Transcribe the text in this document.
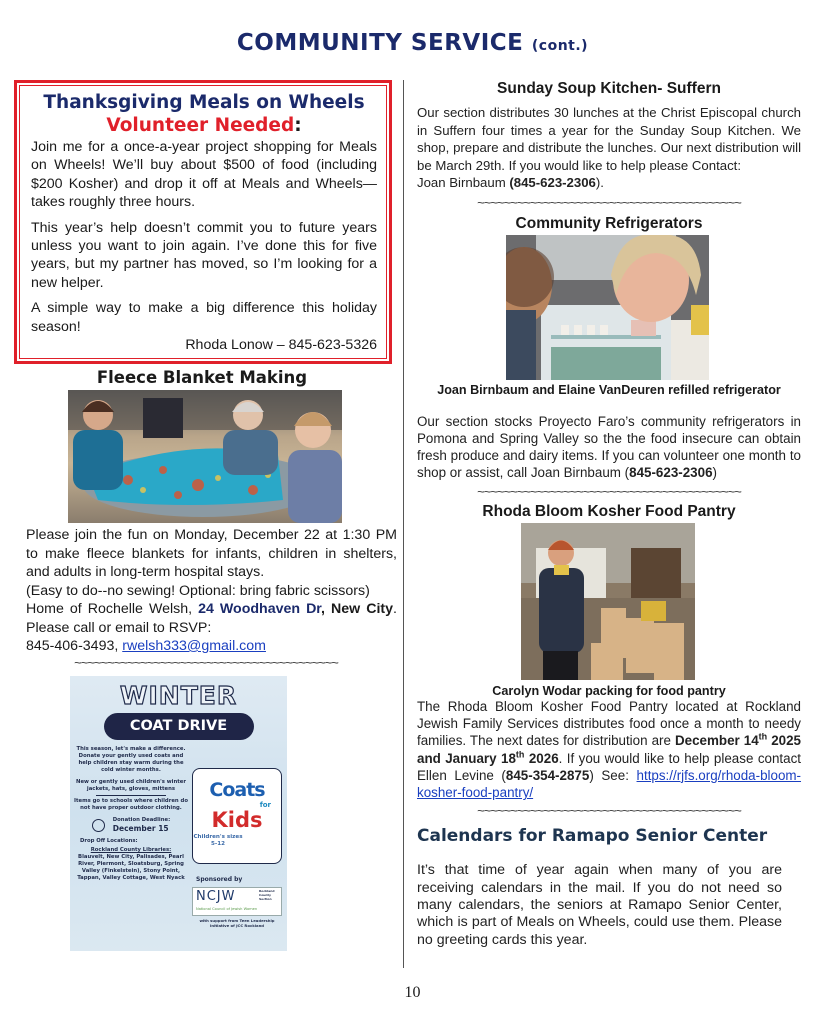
COMMUNITY SERVICE (cont.)
Thanksgiving Meals on Wheels
Volunteer Needed:

Join me for a once-a-year project shopping for Meals on Wheels! We’ll buy about $500 of food (including $200 Kosher) and drop it off at Meals and Wheels—takes roughly three hours.

This year’s help doesn’t commit you to future years unless you want to join again. I’ve done this for five years, but my partner has moved, so I’m looking for a new helper.

A simple way to make a big difference this holiday season!

Rhoda Lonow – 845-623-5326
Fleece Blanket Making

Please join the fun on Monday, December 22 at 1:30 PM to make fleece blankets for infants, children in shelters, and adults in long-term hospital stays.

(Easy to do--no sewing! Optional: bring fabric scissors)

Home of Rochelle Welsh, 24 Woodhaven Dr, New City. Please call or email to RSVP:

845-406-3493, rwelsh333@gmail.com

~~~~~~~~~~~~~~~~~~~~~~~~~~~~~~~~~~~~~~~~
WINTER
COAT DRIVE
This season, let's make a difference. Donate your gently used coats and help children stay warm during the cold winter months.
New or gently used children's winter jackets, hats, gloves, mittens
Items go to schools where children do not have proper outdoor clothing.
Donation Deadline:
December 15
Drop Off Locations:
Rockland County Libraries:
Blauvelt, New City, Palisades, Pearl River, Piermont, Sloatsburg, Spring Valley (Finkelstein), Stony Point, Tappan, Valley Cottage, West Nyack
Coats
for
Kids
Children's sizes 5-12
Sponsored by
NCJW	Rockland County Section
National Council of Jewish Women
with support from Teen Leadership Initiative of JCC Rockland
Sunday Soup Kitchen- Suffern

Our section distributes 30 lunches at the Christ Episcopal church in Suffern four times a year for the Sunday Soup Kitchen. We shop, prepare and distribute the lunches. Our next distribution will be March 29th. If you would like to help please Contact:
Joan Birnbaum (845-623-2306).

~~~~~~~~~~~~~~~~~~~~~~~~~~~~~~~~~~~~~~~~
Community Refrigerators
Joan Birnbaum and Elaine VanDeuren refilled refrigerator

Our section stocks Proyecto Faro’s community refrigerators in Pomona and Spring Valley so the the food insecure can obtain fresh produce and dairy items. If you can volunteer one month to shop or assist, call Joan Birnbaum (845-623-2306)

~~~~~~~~~~~~~~~~~~~~~~~~~~~~~~~~~~~~~~~~
Rhoda Bloom Kosher Food Pantry
Carolyn Wodar packing for food pantry

The Rhoda Bloom Kosher Food Pantry located at Rockland Jewish Family Services distributes food once a month to needy families. The next dates for distribution are December 14th 2025 and January 18th 2026. If you would like to help please contact Ellen Levine (845-354-2875) See: https://rjfs.org/rhoda-bloom-kosher-food-pantry/

~~~~~~~~~~~~~~~~~~~~~~~~~~~~~~~~~~~~~~~~
Calendars for Ramapo Senior Center

It’s that time of year again when many of you are receiving calendars in the mail. If you do not need so many calendars, the seniors at Ramapo Senior Center, which is part of Meals on Wheels, could use them. Please no greeting cards this year.

10
